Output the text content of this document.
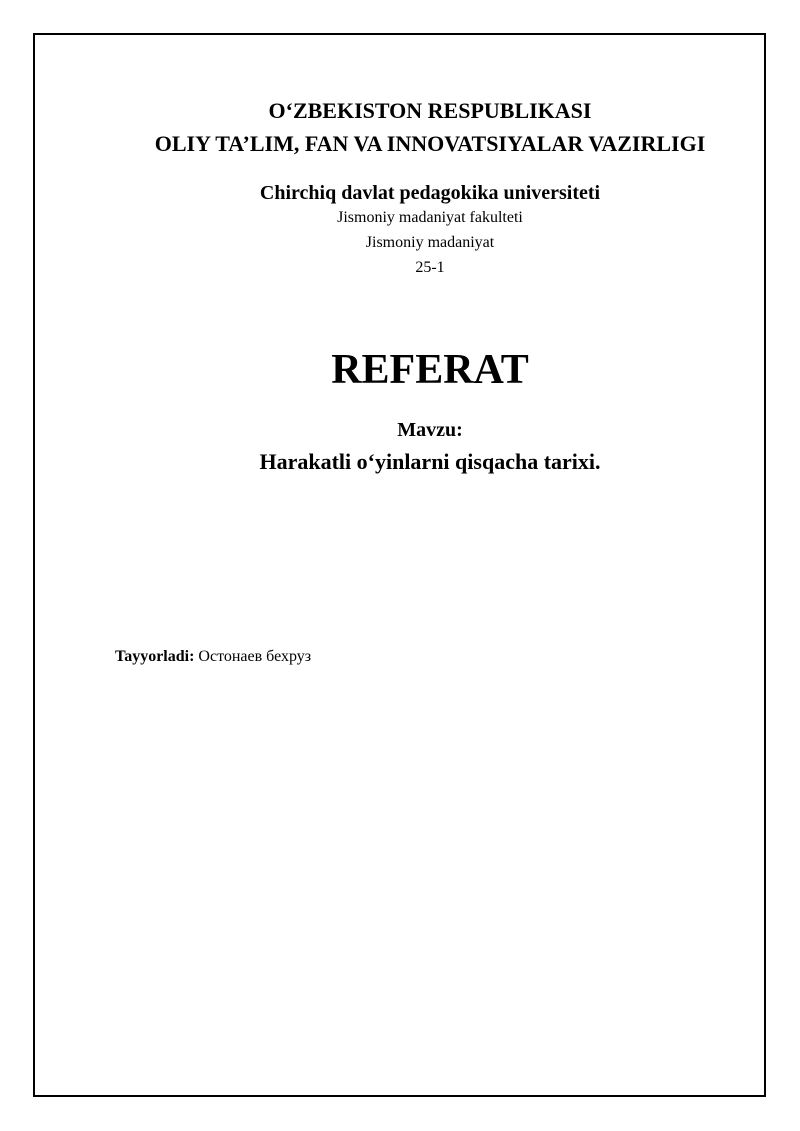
O‘ZBEKISTON RESPUBLIKASI
OLIY TA’LIM, FAN VA INNOVATSIYALAR VAZIRLIGI
Chirchiq davlat pedagokika universiteti
Jismoniy madaniyat fakulteti
Jismoniy madaniyat
25-1
REFERAT
Mavzu:
Harakatli o‘yinlarni qisqacha tarixi.
Tayyorladi: Остонаев бехруз
